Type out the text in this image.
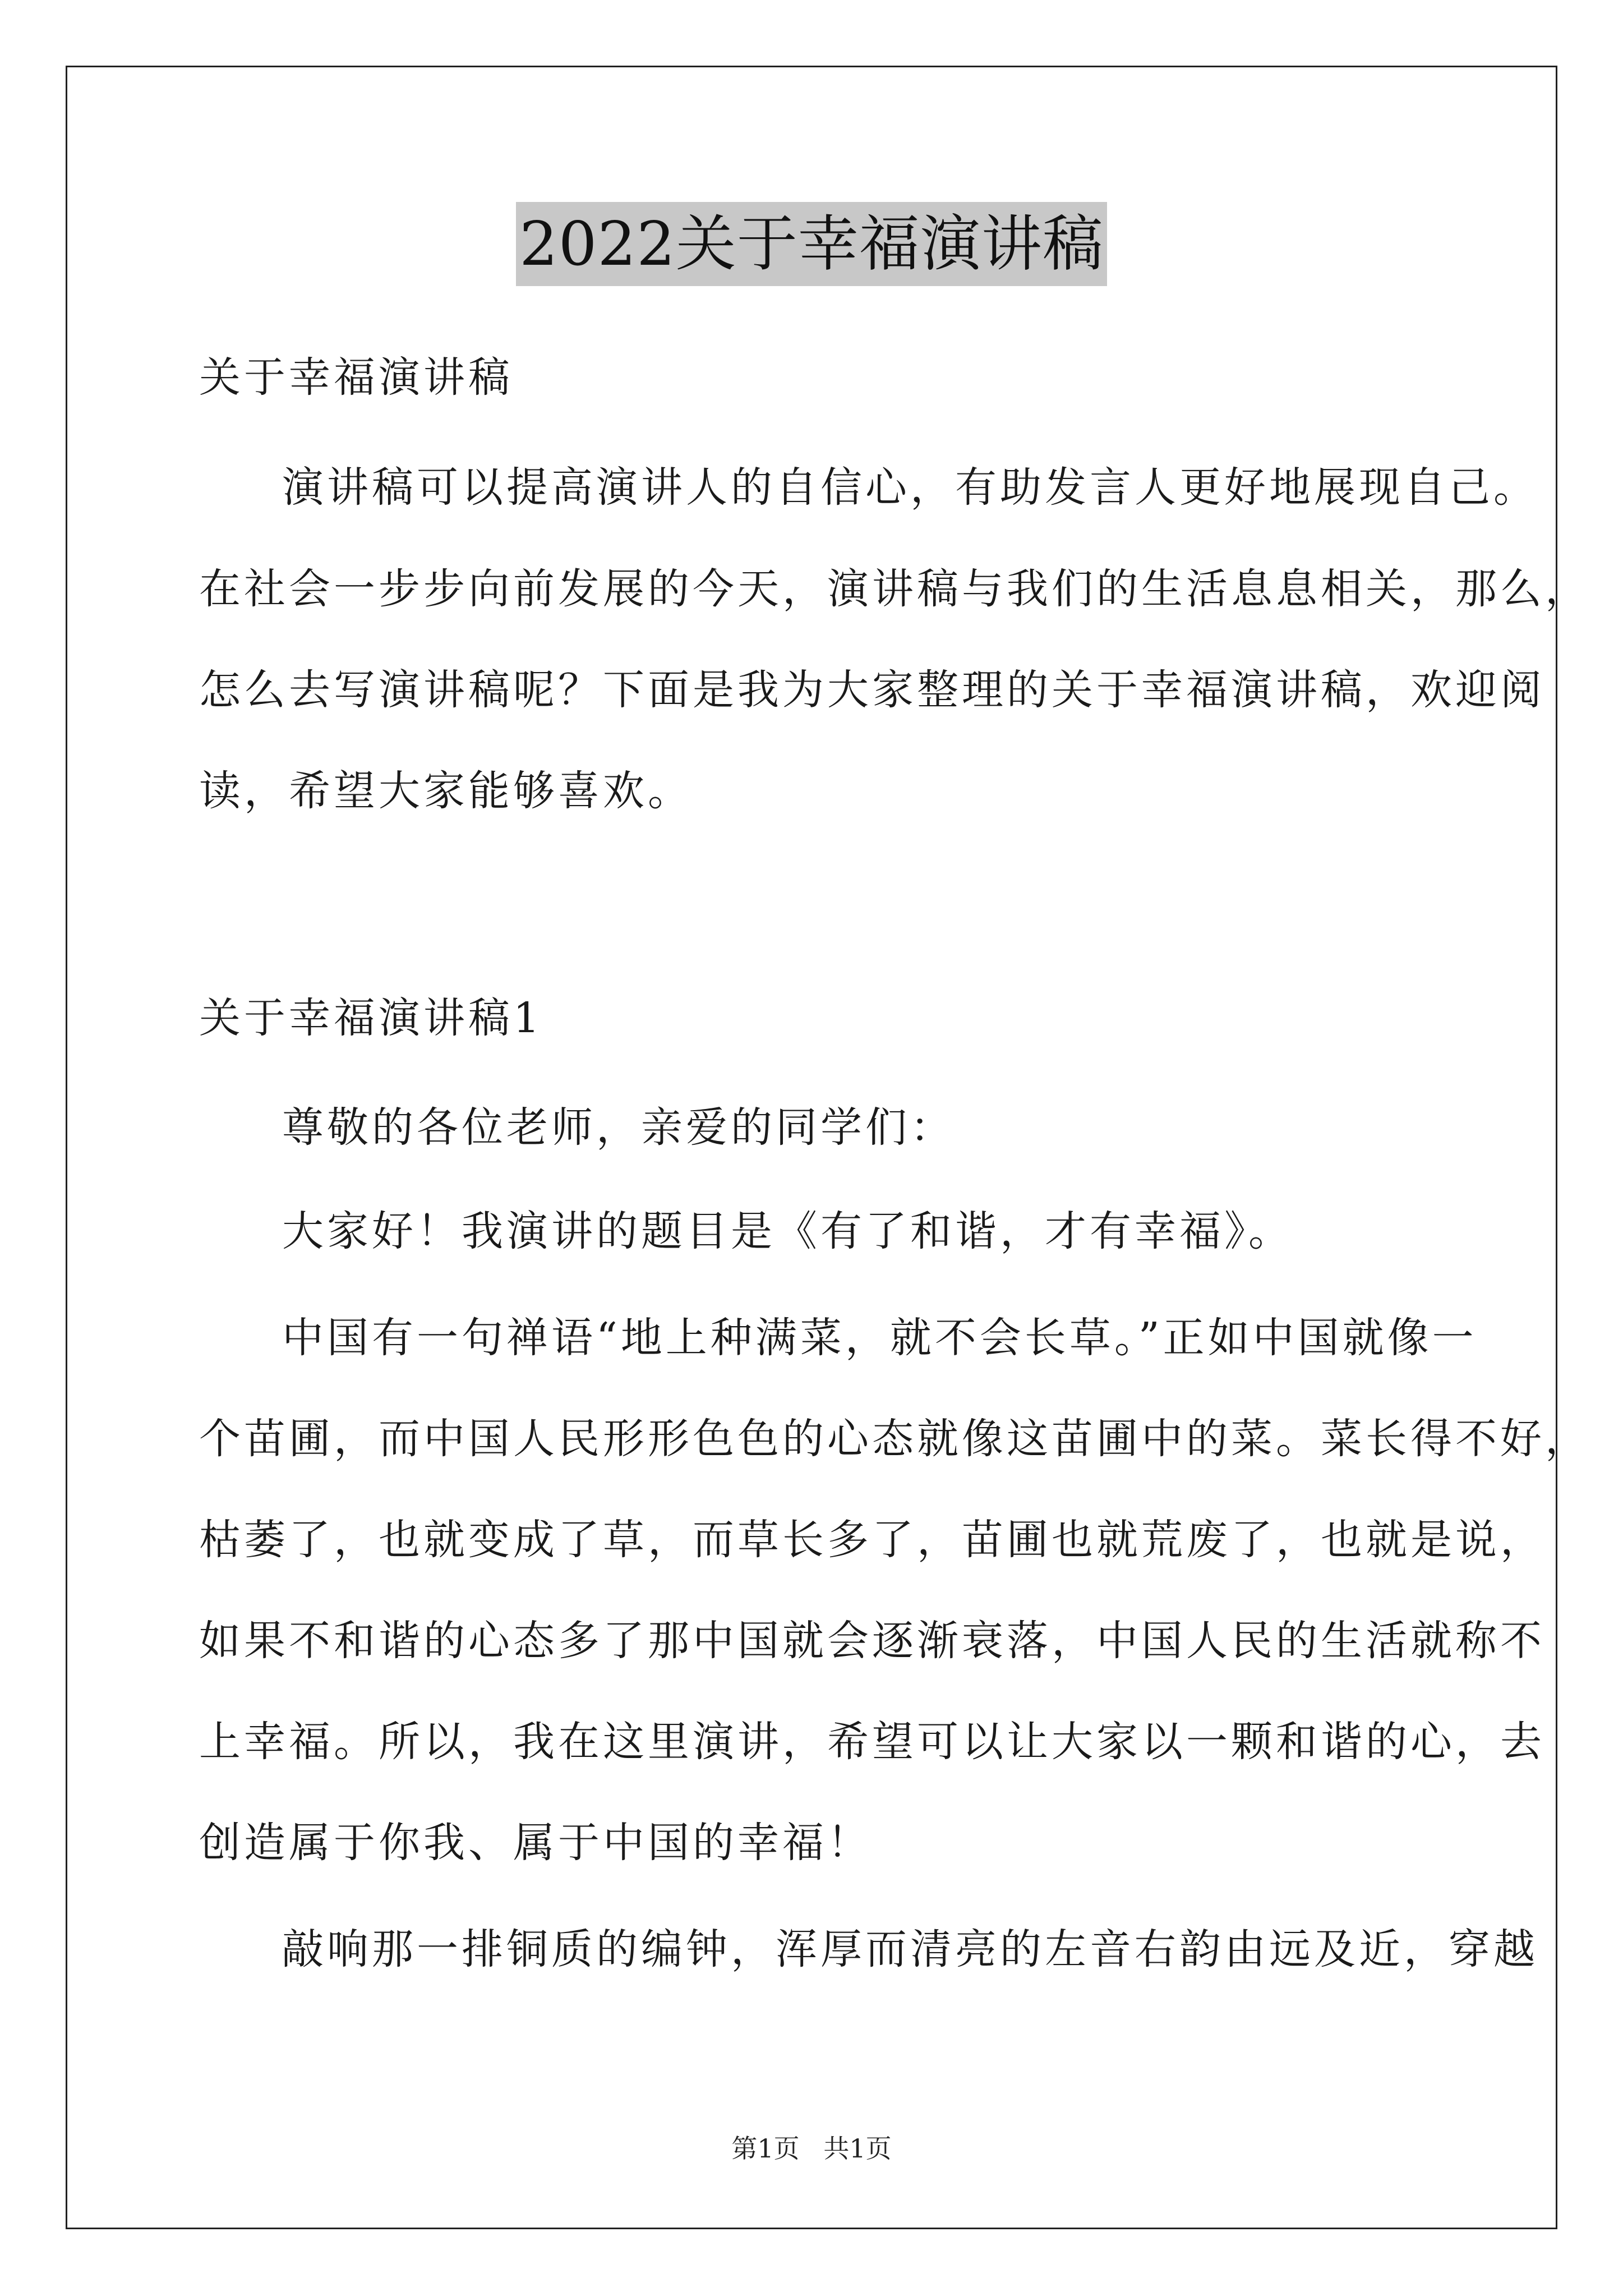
2022关于幸福演讲稿
关于幸福演讲稿
演讲稿可以提高演讲人的自信心，有助发言人更好地展现自己。
在社会一步步向前发展的今天，演讲稿与我们的生活息息相关，那么，
怎么去写演讲稿呢？下面是我为大家整理的关于幸福演讲稿，欢迎阅
读，希望大家能够喜欢。
关于幸福演讲稿1
尊敬的各位老师，亲爱的同学们：
大家好！我演讲的题目是《有了和谐，才有幸福》。
中国有一句禅语“地上种满菜，就不会长草。”正如中国就像一
个苗圃，而中国人民形形色色的心态就像这苗圃中的菜。菜长得不好，
枯萎了，也就变成了草，而草长多了，苗圃也就荒废了，也就是说，
如果不和谐的心态多了那中国就会逐渐衰落，中国人民的生活就称不
上幸福。所以，我在这里演讲，希望可以让大家以一颗和谐的心，去
创造属于你我、属于中国的幸福！
敲响那一排铜质的编钟，浑厚而清亮的左音右韵由远及近，穿越
第1页 共1页
